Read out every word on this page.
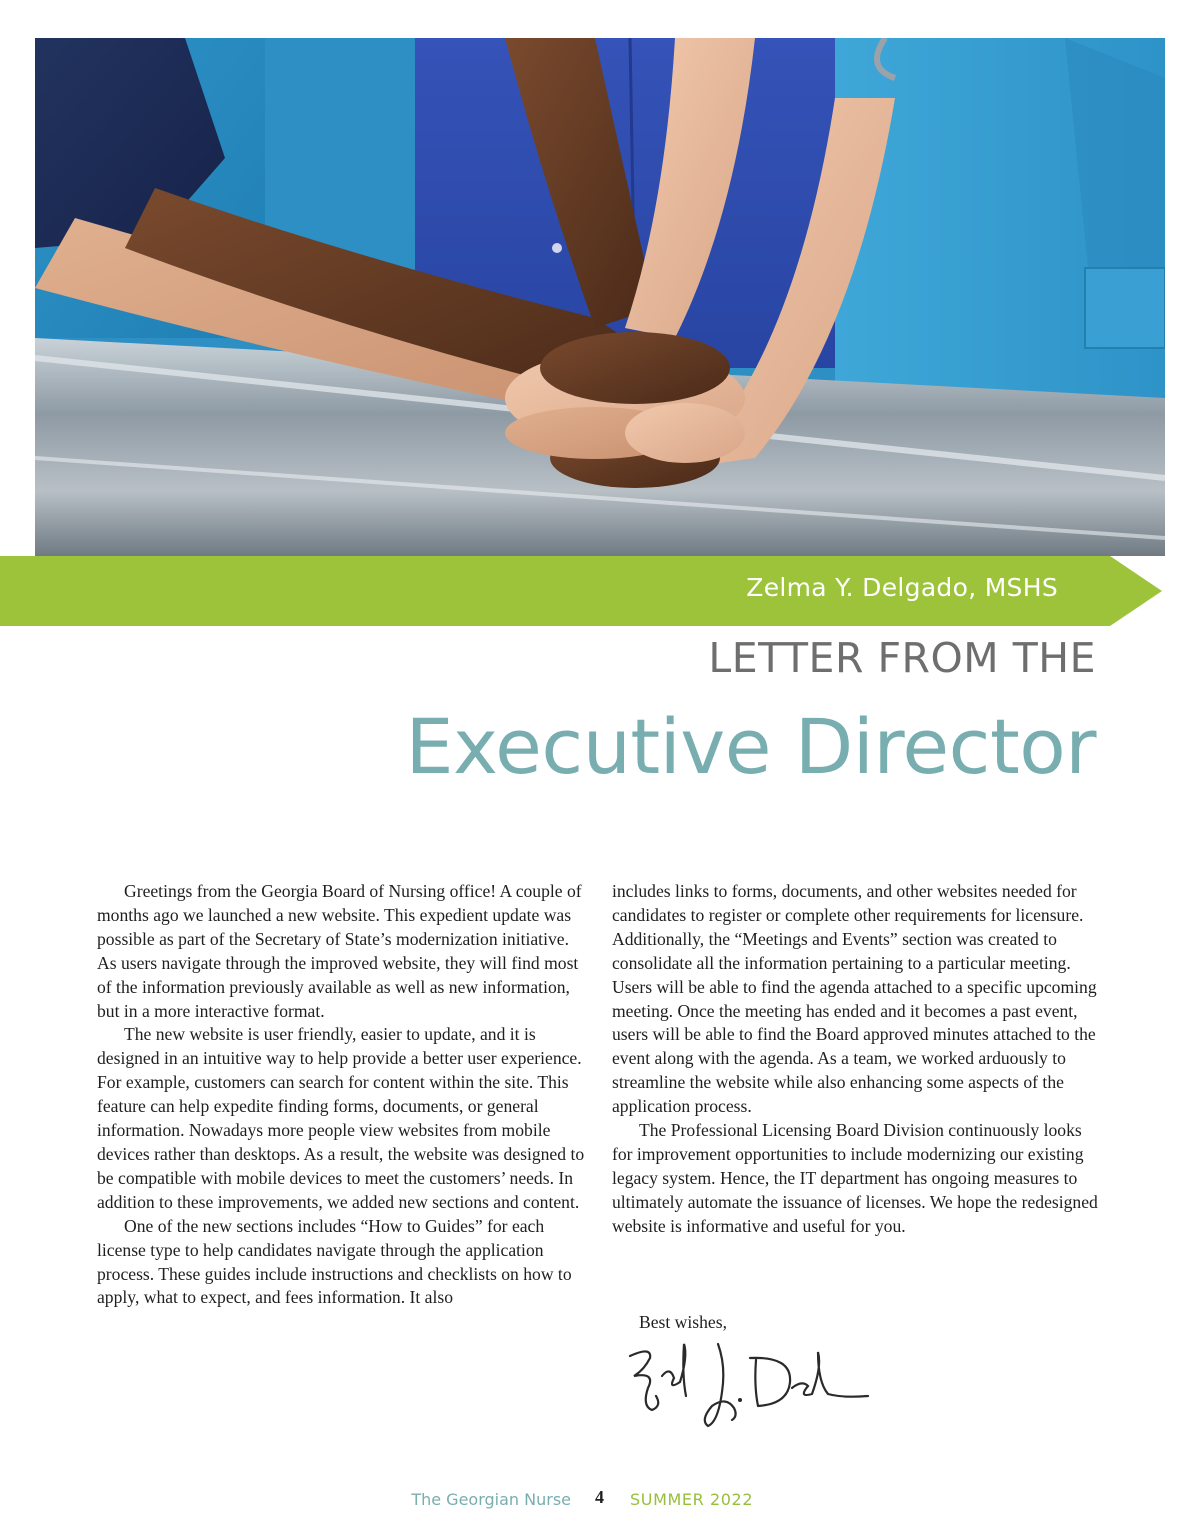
Zelma Y. Delgado, MSHS
LETTER FROM THE
Executive Director

Greetings from the Georgia Board of Nursing office! A couple of months ago we launched a new website. This expedient update was possible as part of the Secretary of State’s modernization initiative. As users navigate through the improved website, they will find most of the information previously available as well as new information, but in a more interactive format.

The new website is user friendly, easier to update, and it is designed in an intuitive way to help provide a better user experience. For example, customers can search for content within the site. This feature can help expedite finding forms, documents, or general information. Nowadays more people view websites from mobile devices rather than desktops. As a result, the website was designed to be compatible with mobile devices to meet the customers’ needs. In addition to these improvements, we added new sections and content.

One of the new sections includes “How to Guides” for each license type to help candidates navigate through the application process. These guides include instructions and checklists on how to apply, what to expect, and fees information. It also

includes links to forms, documents, and other websites needed for candidates to register or complete other requirements for licensure. Additionally, the “Meetings and Events” section was created to consolidate all the information pertaining to a particular meeting. Users will be able to find the agenda attached to a specific upcoming meeting. Once the meeting has ended and it becomes a past event, users will be able to find the Board approved minutes attached to the event along with the agenda. As a team, we worked arduously to streamline the website while also enhancing some aspects of the application process.

The Professional Licensing Board Division continuously looks for improvement opportunities to include modernizing our existing legacy system. Hence, the IT department has ongoing measures to ultimately automate the issuance of licenses. We hope the redesigned website is informative and useful for you.

Best wishes,
The Georgian Nurse 4 SUMMER 2022
